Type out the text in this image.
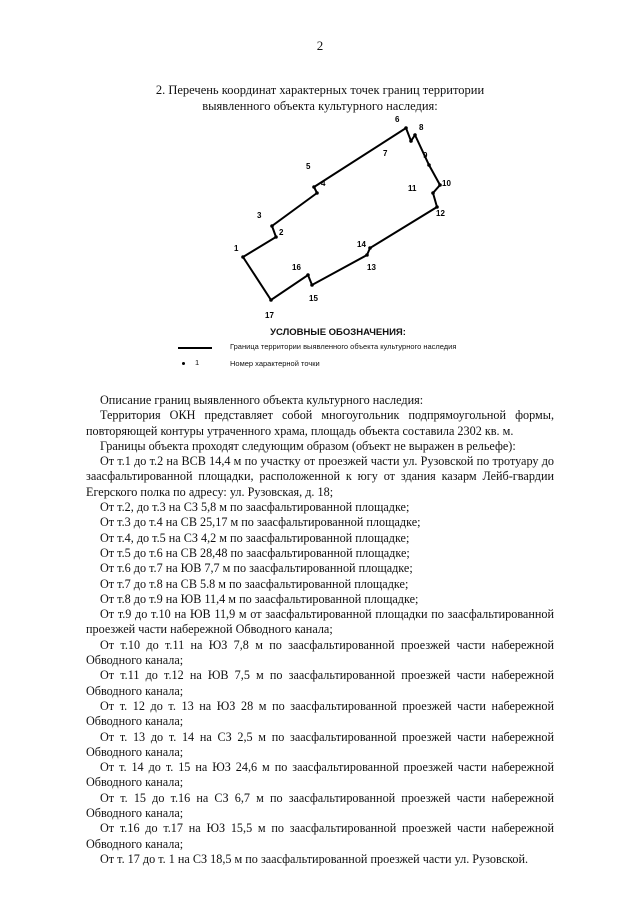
2
2. Перечень координат характерных точек границ территории
выявленного объекта культурного наследия:
1
2
3
4
5
6
7
8
9
10
11
12
13
14
15
16
17
УСЛОВНЫЕ ОБОЗНАЧЕНИЯ:
Граница территории выявленного объекта культурного наследия
1	Номер характерной точки

Описание границ выявленного объекта культурного наследия:

Территория ОКН представляет собой многоугольник подпрямоугольной формы, повторяющей контуры утраченного храма, площадь объекта составила 2302 кв. м.

Границы объекта проходят следующим образом (объект не выражен в рельефе):

От т.1 до т.2 на ВСВ 14,4 м по участку от проезжей части ул. Рузовской по тротуару до заасфальтированной площадки, расположенной к югу от здания казарм Лейб-гвардии Егерского полка по адресу: ул. Рузовская, д. 18;

От т.2, до т.3 на СЗ 5,8 м по заасфальтированной площадке;

От т.3 до т.4 на СВ 25,17 м по заасфальтированной площадке;

От т.4, до т.5 на СЗ 4,2 м по заасфальтированной площадке;

От т.5 до т.6 на СВ 28,48 по заасфальтированной площадке;

От т.6 до т.7 на ЮВ 7,7 м по заасфальтированной площадке;

От т.7 до т.8 на СВ 5.8 м по заасфальтированной площадке;

От т.8 до т.9 на ЮВ 11,4 м по заасфальтированной площадке;

От т.9 до т.10 на ЮВ 11,9 м от заасфальтированной площадки по заасфальтированной проезжей части набережной Обводного канала;

От т.10 до т.11 на ЮЗ 7,8 м по заасфальтированной проезжей части набережной Обводного канала;

От т.11 до т.12 на ЮВ 7,5 м по заасфальтированной проезжей части набережной Обводного канала;

От т. 12 до т. 13 на ЮЗ 28 м по заасфальтированной проезжей части набережной Обводного канала;

От т. 13 до т. 14 на СЗ 2,5 м по заасфальтированной проезжей части набережной Обводного канала;

От т. 14 до т. 15 на ЮЗ 24,6 м по заасфальтированной проезжей части набережной Обводного канала;

От т. 15 до т.16 на СЗ 6,7 м по заасфальтированной проезжей части набережной Обводного канала;

От т.16 до т.17 на ЮЗ 15,5 м по заасфальтированной проезжей части набережной Обводного канала;

От т. 17 до т. 1 на СЗ 18,5 м по заасфальтированной проезжей части ул. Рузовской.
